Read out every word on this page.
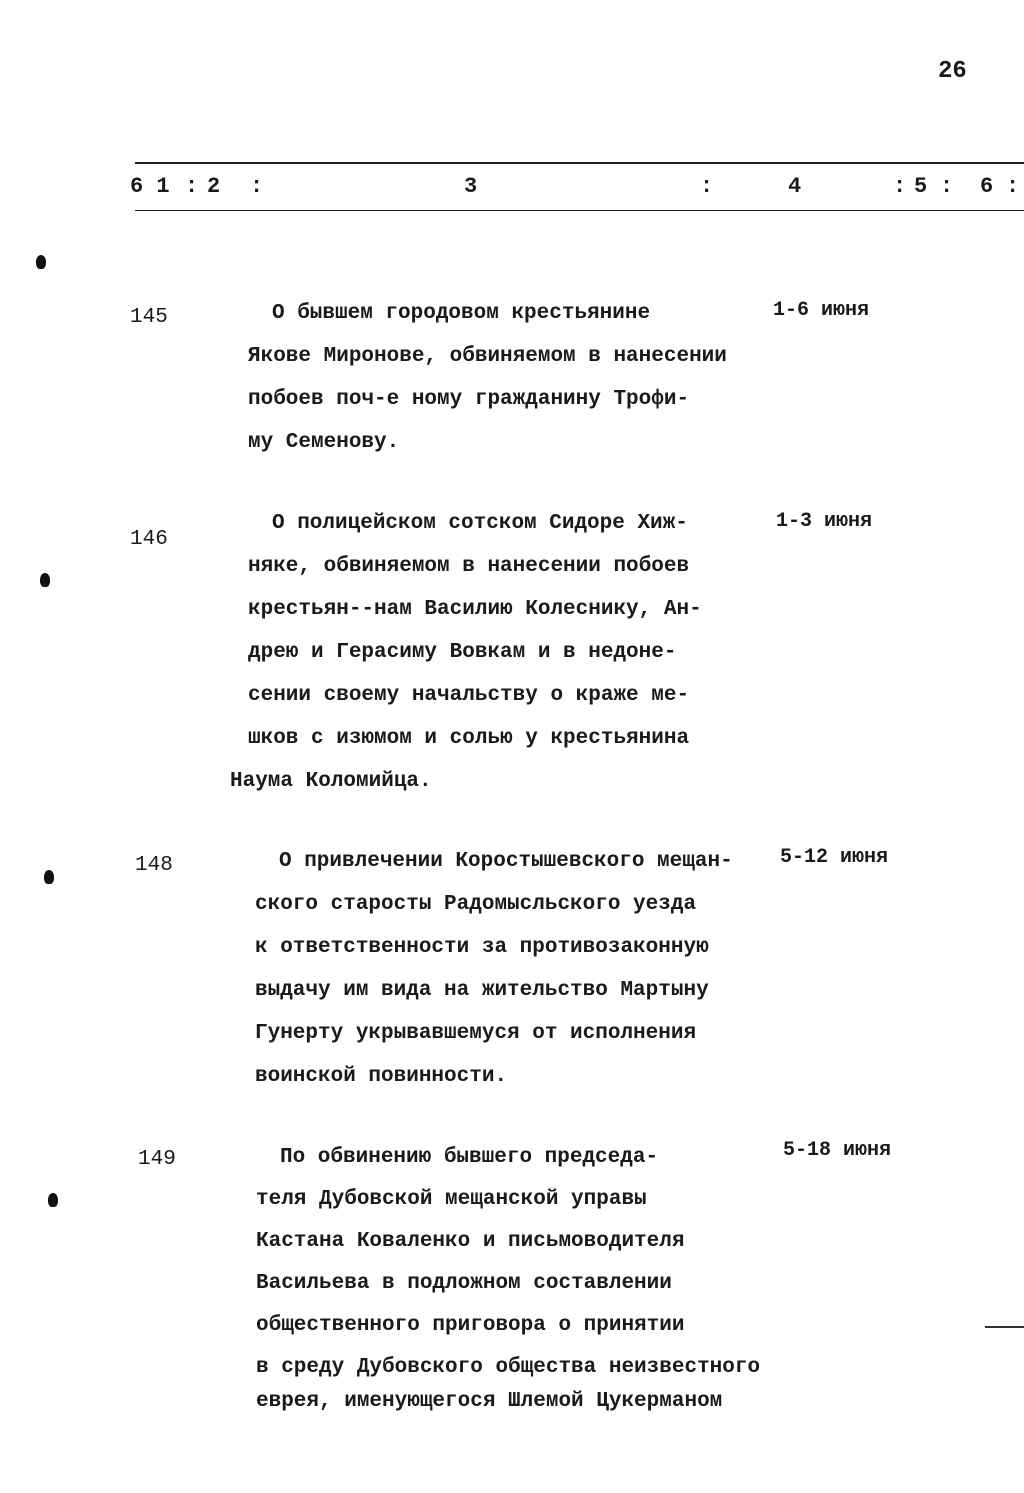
26
6 1 : 2 :	3	:	4	: 5 : 6 :
145	1-6 июня
О бывшем городовом крестьянине
Якове Миронове, обвиняемом в нанесении
побоев поч-е ному гражданину Трофи-
му Семенову.
146
1-3 июня
О полицейском сотском Сидоре Хиж-
няке, обвиняемом в нанесении побоев
крестьян--нам Василию Колеснику, Ан-
дрею и Герасиму Вовкам и в недоне-
сении своему начальству о краже ме-
шков с изюмом и солью у крестьянина
Наума Коломийца.
148	5-12 июня
О привлечении Коростышевского мещан-
ского старосты Радомысльского уезда
к ответственности за противозаконную
выдачу им вида на жительство Мартыну
Гунерту укрывавшемуся от исполнения
воинской повинности.
149	5-18 июня
По обвинению бывшего председа-
теля Дубовской мещанской управы
Кастана Коваленко и письмоводителя
Васильева в подложном составлении
общественного приговора о принятии
в среду Дубовского общества неизвестного
еврея, именующегося Шлемой Цукерманом
